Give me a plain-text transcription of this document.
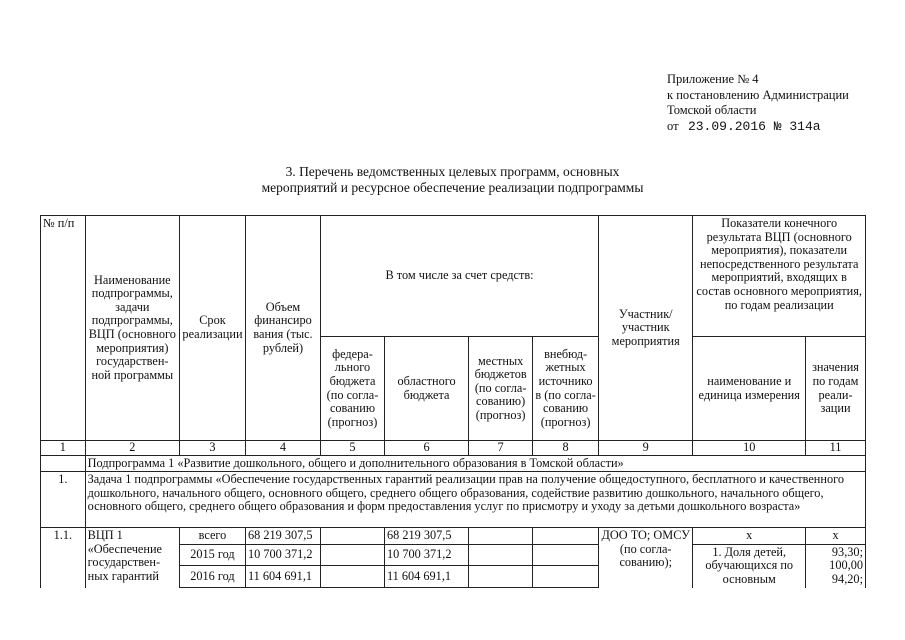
Приложение № 4
к постановлению Администрации
Томской области
от 23.09.2016 № 314а
3. Перечень ведомственных целевых программ, основных
мероприятий и ресурсное обеспечение реализации подпрограммы
№ п/п	Наименование подпрограммы, задачи подпрограммы, ВЦП (основного мероприятия) государствен-ной программы	Срок реализации	Объем финансиро вания (тыс. рублей)	В том числе за счет средств:				Участник/ участник мероприятия	Показатели конечного результата ВЦП (основного мероприятия), показатели непосредственного результата мероприятий, входящих в состав основного мероприятия, по годам реализации	
				федера-льного бюджета (по согла-сованию (прогноз)	областного бюджета	местных бюджетов (по согла-сованию) (прогноз)	внебюд-жетных источнико в (по согла-сованию (прогноз)		наименование и единица измерения	значения по годам реали-зации
1	2	3	4	5	6	7	8	9	10	11
	Подпрограмма 1 «Развитие дошкольного, общего и дополнительного образования в Томской области»									
1.	Задача 1 подпрограммы «Обеспечение государственных гарантий реализации прав на получение общедоступного, бесплатного и качественного дошкольного, начального общего, основного общего, среднего общего образования, содействие развитию дошкольного, начального общего, основного общего, среднего общего образования и форм предоставления услуг по присмотру и уходу за детьми дошкольного возраста»									
1.1.	ВЦП 1
«Обеспечение
государствен-
ных гарантий	всего	68 219 307,5		68 219 307,5			ДОО ТО; ОМСУ (по согла-сованию);	х	х
		2015 год	10 700 371,2		10 700 371,2				1. Доля детей, обучающихся по основным	93,30;
100,00
94,20;

		2016 год	11 604 691,1		11 604 691,1					
